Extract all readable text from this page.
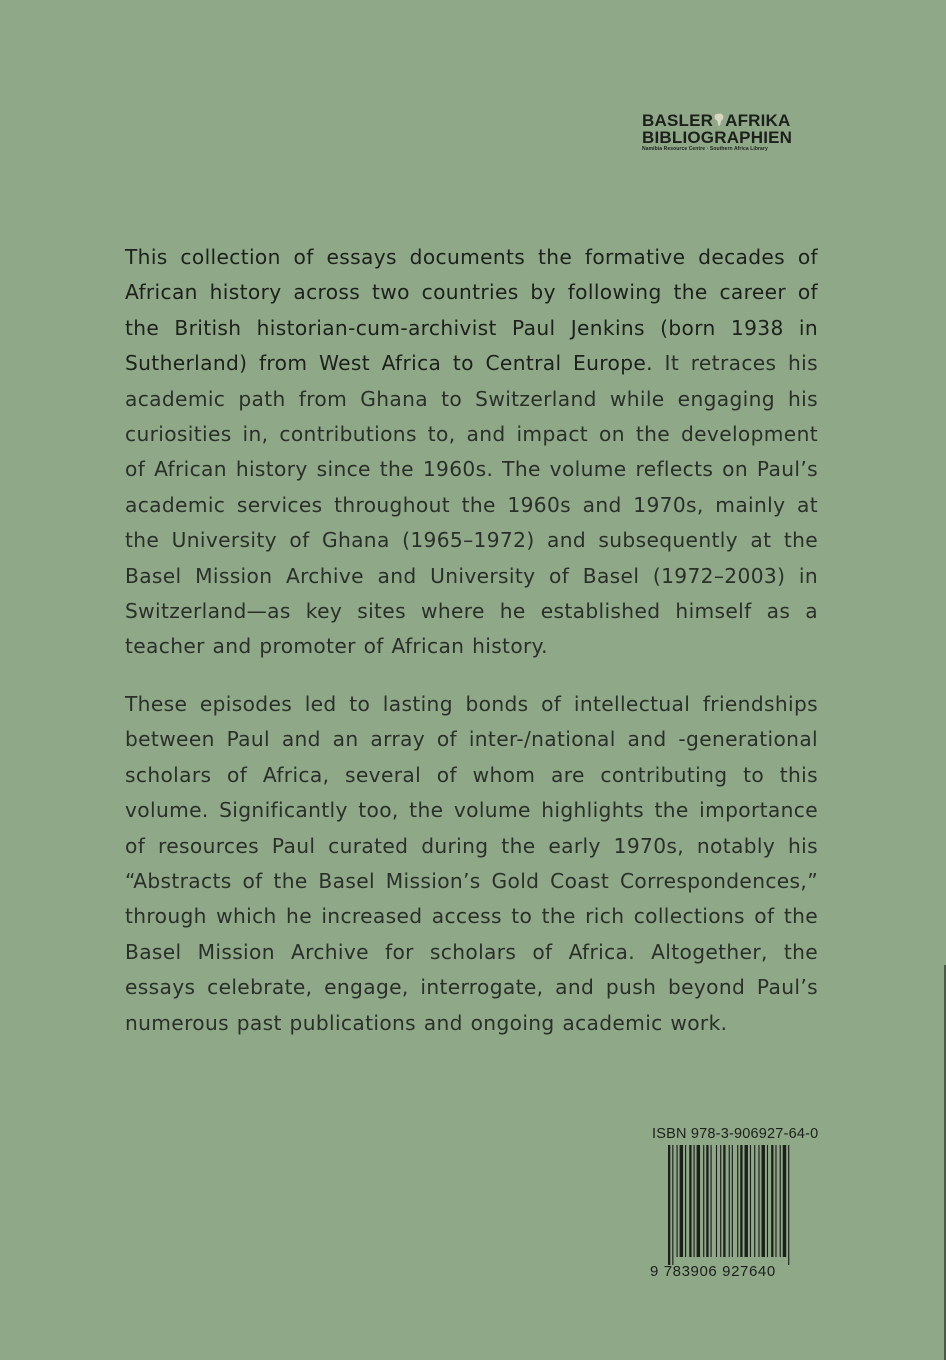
BASLER AFRIKA
BIBLIOGRAPHIEN
Namibia Resource Centre · Southern Africa Library

This collection of essays documents the formative decades of African history across two countries by following the career of the British historian-cum-archivist Paul Jenkins (born 1938 in Sutherland) from West Africa to Central Europe. It retraces his academic path from Ghana to Switzerland while engaging his curiosities in, contributions to, and impact on the development of African history since the 1960s. The volume reflects on Paul’s academic services throughout the 1960s and 1970s, mainly at the University of Ghana (1965–1972) and subsequently at the Basel Mission Archive and University of Basel (1972–2003) in Switzerland—as key sites where he established himself as a teacher and promoter of African history.

These episodes led to lasting bonds of intellectual friendships between Paul and an array of inter-/national and -generational scholars of Africa, several of whom are contributing to this volume. Significantly too, the volume highlights the importance of resources Paul curated during the early 1970s, notably his “Abstracts of the Basel Mission’s Gold Coast Correspondences,” through which he increased access to the rich collections of the Basel Mission Archive for scholars of Africa. Altogether, the essays celebrate, engage, interrogate, and push beyond Paul’s numerous past publications and ongoing academic work.

ISBN 978-3-906927-64-0
9 783906 927640
